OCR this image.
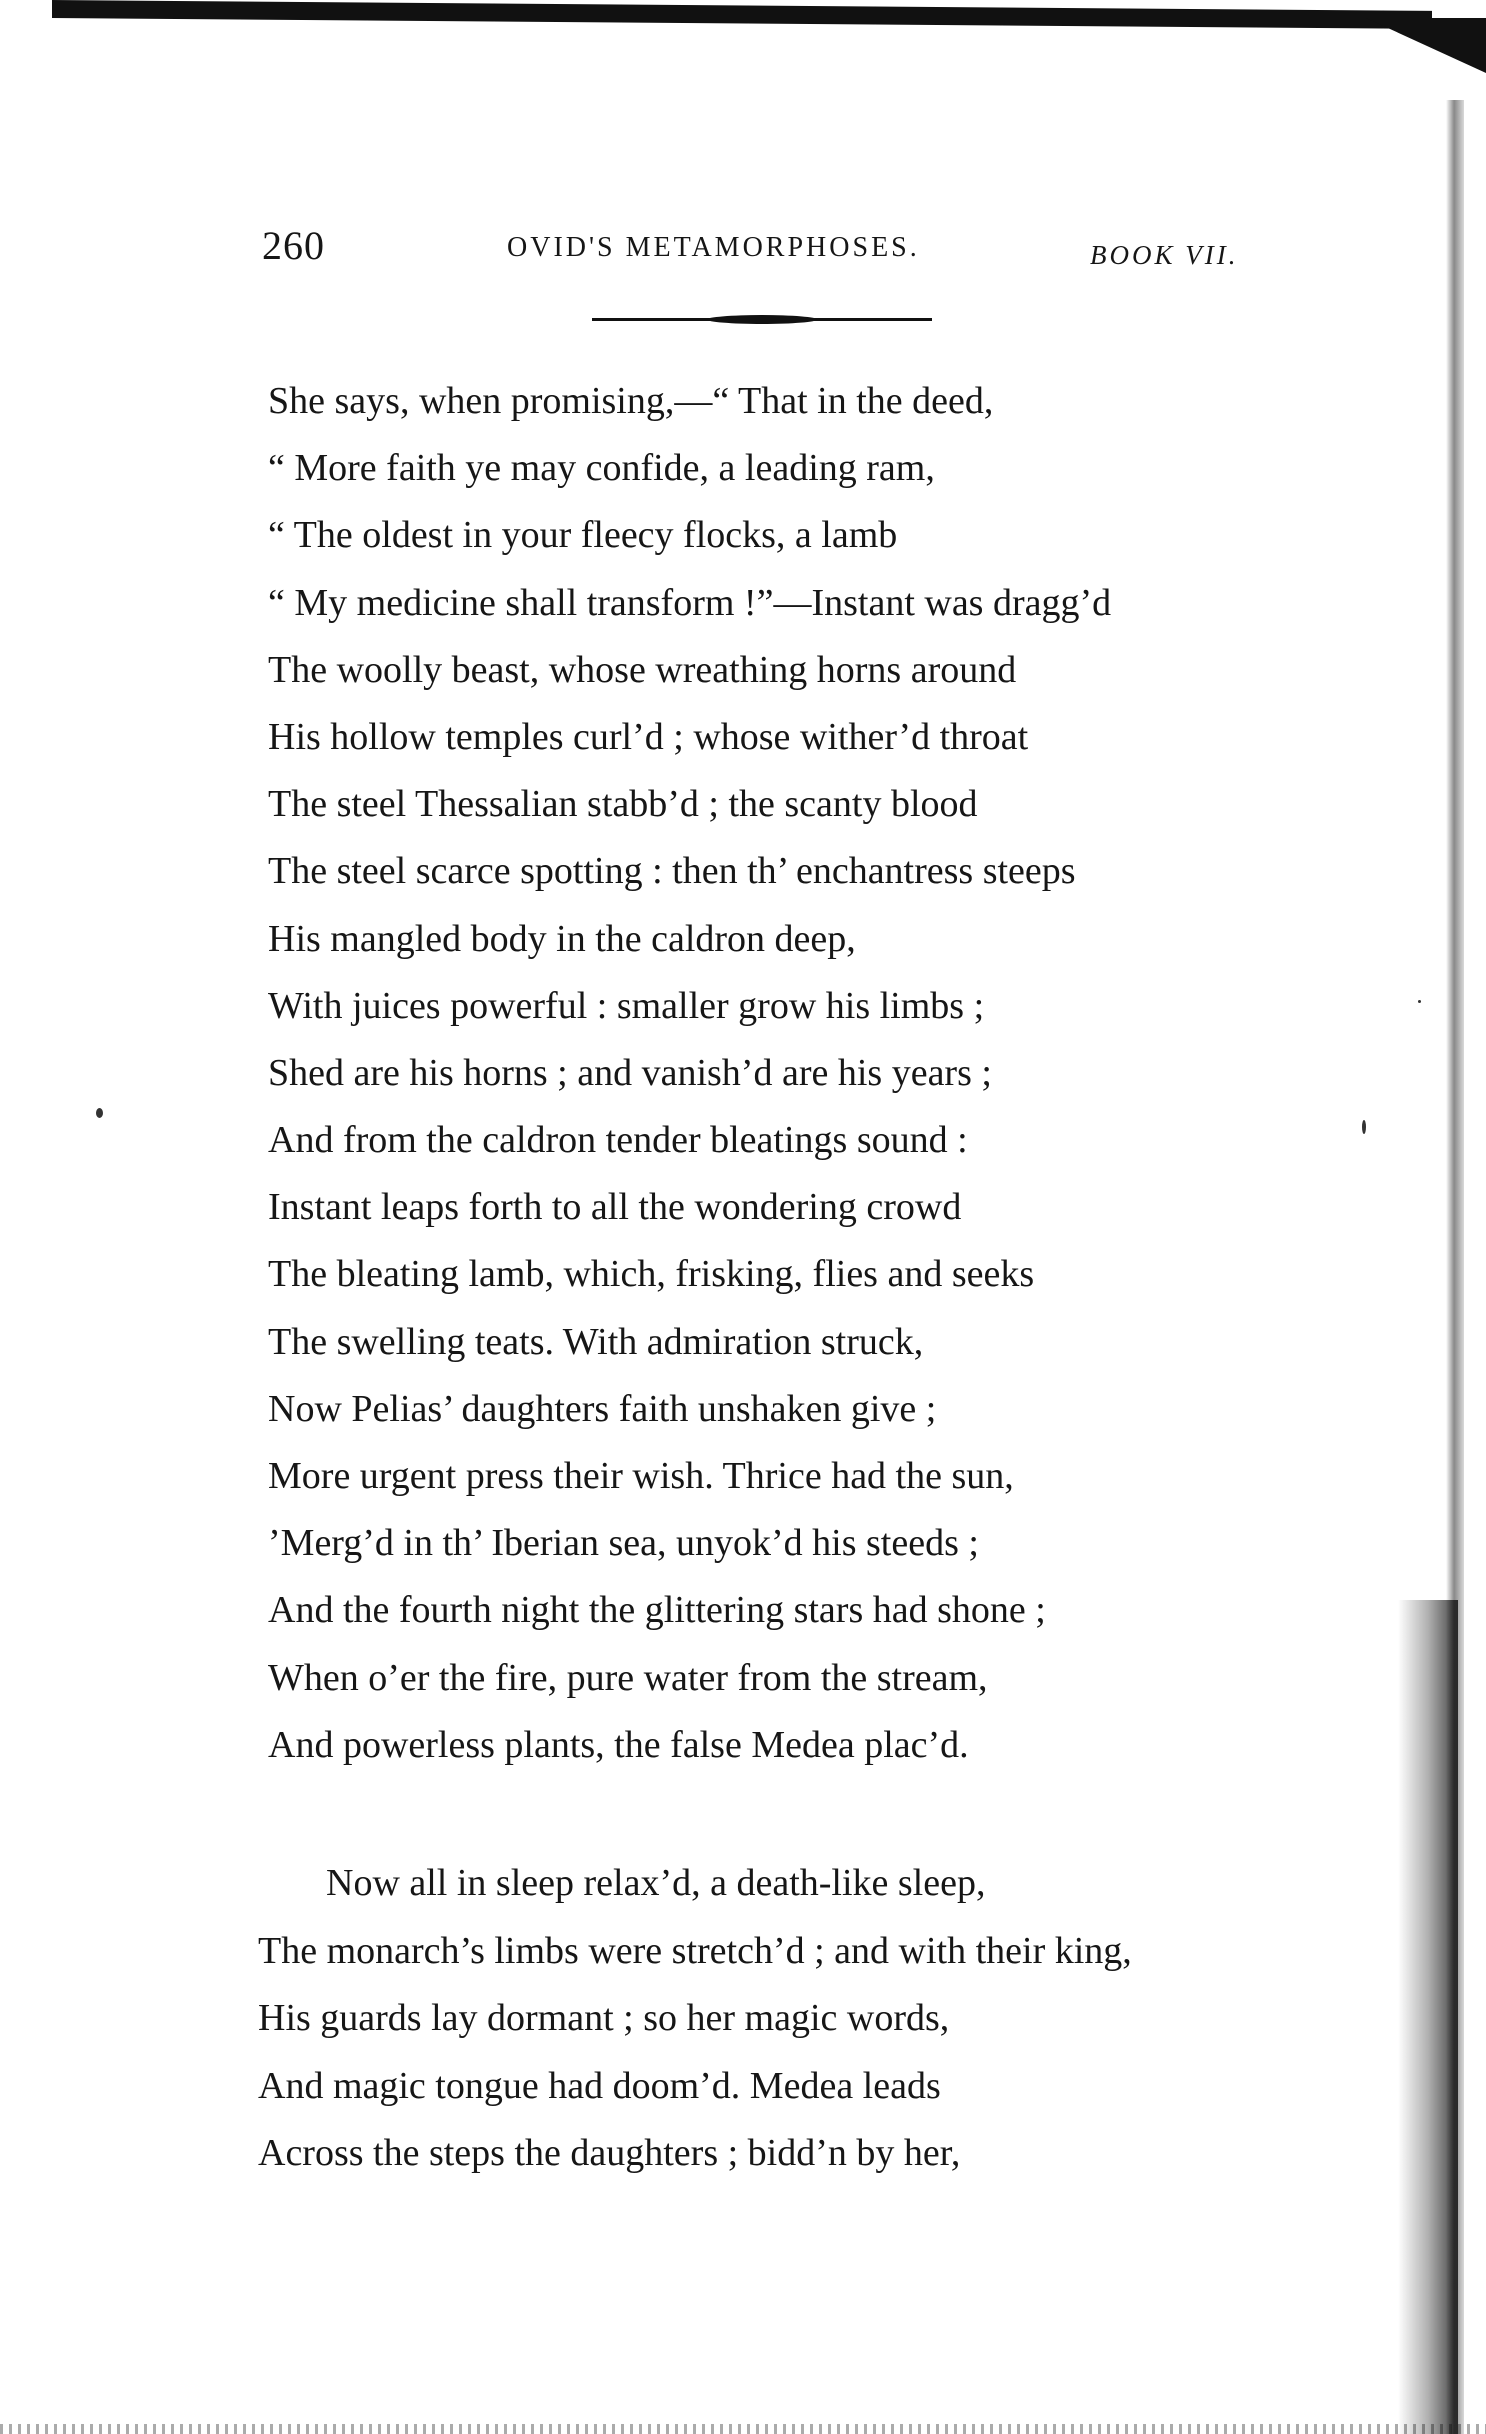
260	OVID'S METAMORPHOSES.	BOOK VII.
She says, when promising,—“ That in the deed,
“ More faith ye may confide, a leading ram,
“ The oldest in your fleecy flocks, a lamb
“ My medicine shall transform !”—Instant was dragg’d
The woolly beast, whose wreathing horns around
His hollow temples curl’d ; whose wither’d throat
The steel Thessalian stabb’d ; the scanty blood
The steel scarce spotting : then th’ enchantress steeps
His mangled body in the caldron deep,
With juices powerful : smaller grow his limbs ;
Shed are his horns ; and vanish’d are his years ;
And from the caldron tender bleatings sound :
Instant leaps forth to all the wondering crowd
The bleating lamb, which, frisking, flies and seeks
The swelling teats. With admiration struck,
Now Pelias’ daughters faith unshaken give ;
More urgent press their wish. Thrice had the sun,
’Merg’d in th’ Iberian sea, unyok’d his steeds ;
And the fourth night the glittering stars had shone ;
When o’er the fire, pure water from the stream,
And powerless plants, the false Medea plac’d.
Now all in sleep relax’d, a death-like sleep,
The monarch’s limbs were stretch’d ; and with their king,
His guards lay dormant ; so her magic words,
And magic tongue had doom’d. Medea leads
Across the steps the daughters ; bidd’n by her,
